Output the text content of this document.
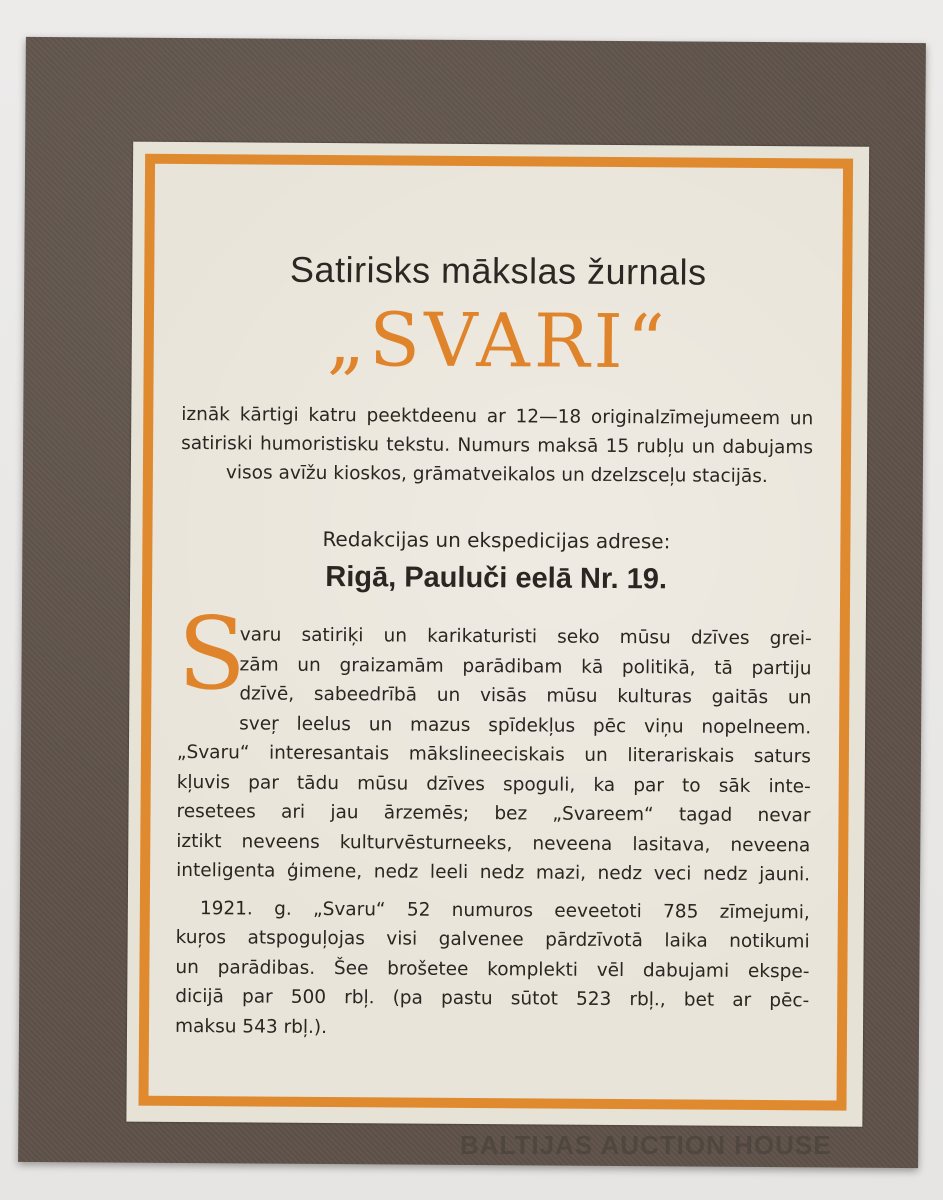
Satirisks mākslas žurnals
„SVARI“
iznāk kārtigi katru peektdeenu ar 12—18 originalzīmejumeem un satiriski humoristisku tekstu. Numurs maksā 15 rubļu un dabujams visos avīžu kioskos, grāmatveikalos un dzelzsceļu stacijās.
Redakcijas un ekspedicijas adrese:
Rigā, Pauluči eelā Nr. 19.
S
varu satiriķi un karikaturisti seko mūsu dzīves grei-
zām un graizamām parādibam kā politikā, tā partiju
dzīvē, sabeedrībā un visās mūsu kulturas gaitās un
sveŗ leelus un mazus spīdekļus pēc viņu nopelneem.
„Svaru“ interesantais mākslineeciskais un literariskais saturs
kļuvis par tādu mūsu dzīves spoguli, ka par to sāk inte-
resetees ari jau ārzemēs; bez „Svareem“ tagad nevar
iztikt neveens kulturvēsturneeks, neveena lasitava, neveena
inteligenta ģimene, nedz leeli nedz mazi, nedz veci nedz jauni.
1921. g. „Svaru“ 52 numuros eeveetoti 785 zīmejumi,
kuŗos atspoguļojas visi galvenee pārdzīvotā laika notikumi
un parādibas. Šee brošetee komplekti vēl dabujami ekspe-
dicijā par 500 rbļ. (pa pastu sūtot 523 rbļ., bet ar pēc-
maksu 543 rbļ.).
BALTIJAS AUCTION HOUSE
